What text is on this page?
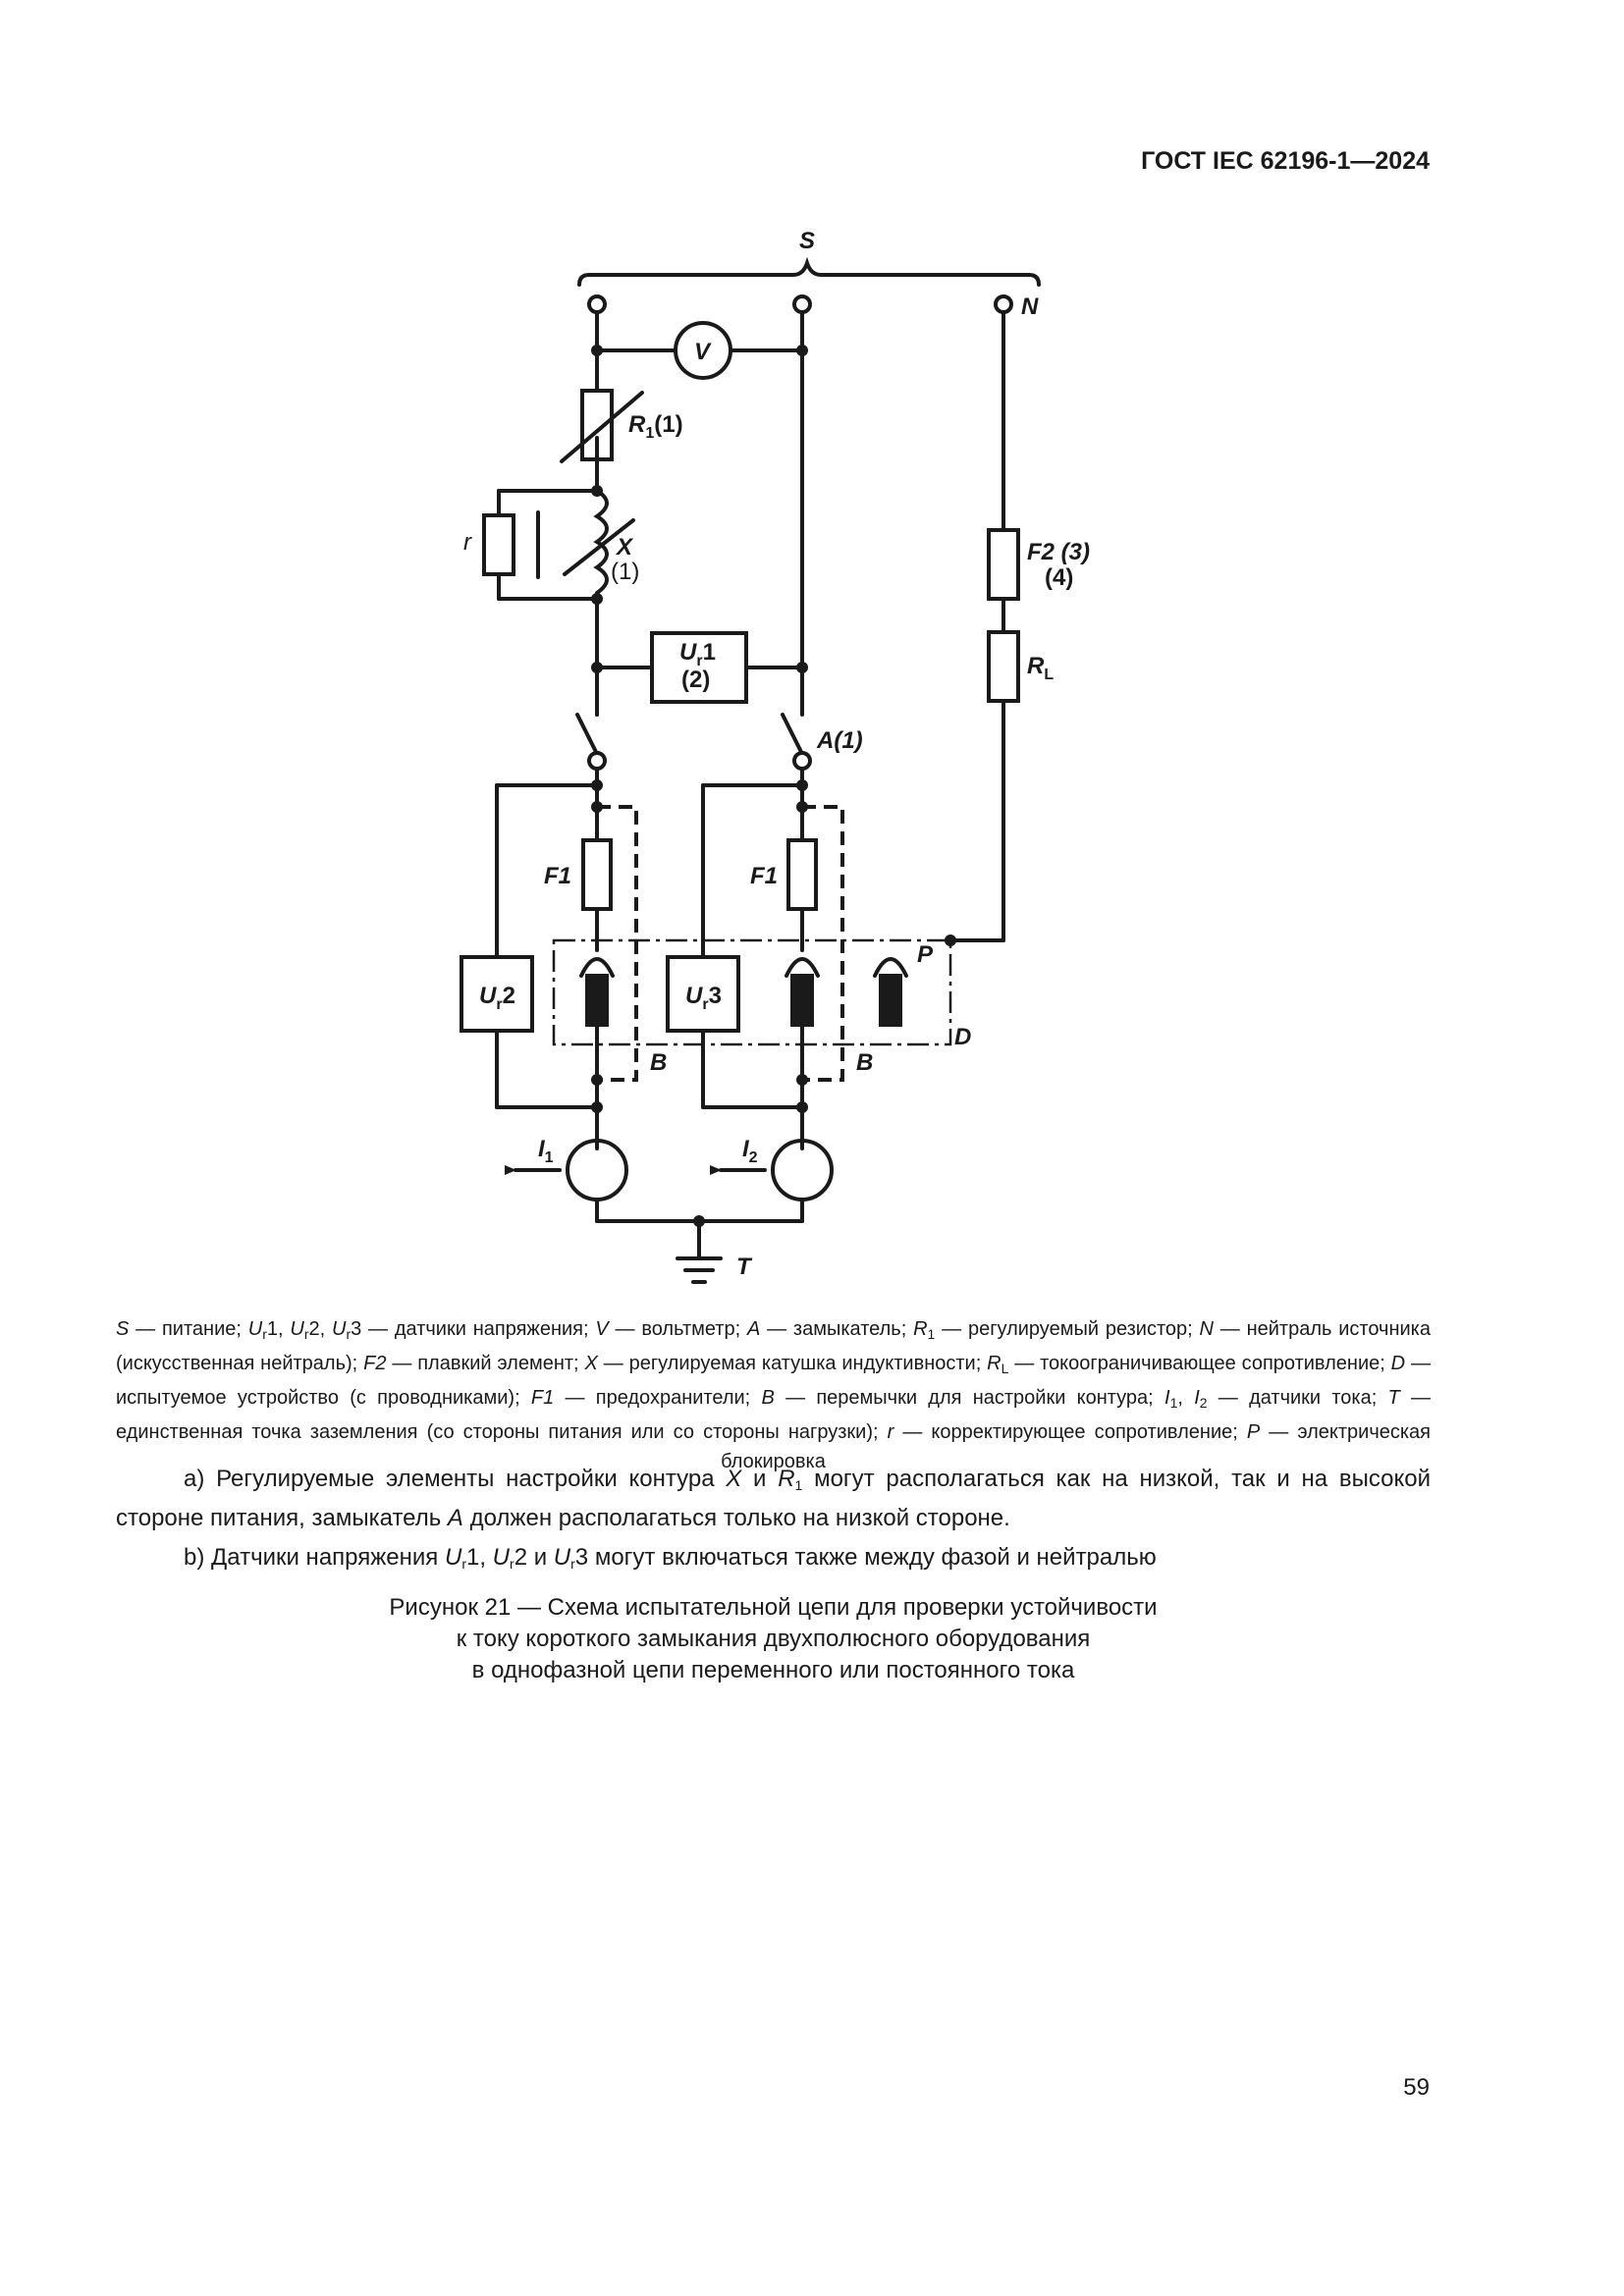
ГОСТ IEC 62196-1—2024
S
N
V
$R_1(1)$
r	X
(1)
$U_r1$
(2)
F2 (3)
(4)
$R_L$
A(1)
F1	F1
P
D
$U_r2$	$U_r3$
B	B
$I_1$	$I_2$
T
S — питание; $U_r1$, $U_r2$, $U_r3$ — датчики напряжения; V — вольтметр; A — замыкатель; $R_1$ — регулируемый резистор; N — нейтраль источника (искусственная нейтраль); F2 — плавкий элемент; X — регулируемая катушка индуктивности; $R_L$ — токоограничивающее сопротивление; D — испытуемое устройство (с проводниками); F1 — предохранители; B — перемычки для настройки контура; $I_1$, $I_2$ — датчики тока; T — единственная точка заземления (со стороны питания или со стороны нагрузки); r — корректирующее сопротивление; P — электрическая блокировка

a) Регулируемые элементы настройки контура X и $R_1$ могут располагаться как на низкой, так и на высокой стороне питания, замыкатель A должен располагаться только на низкой стороне.

b) Датчики напряжения $U_r1$, $U_r2$ и $U_r3$ могут включаться также между фазой и нейтралью

Рисунок 21 — Схема испытательной цепи для проверки устойчивости
к току короткого замыкания двухполюсного оборудования
в однофазной цепи переменного или постоянного тока
59
